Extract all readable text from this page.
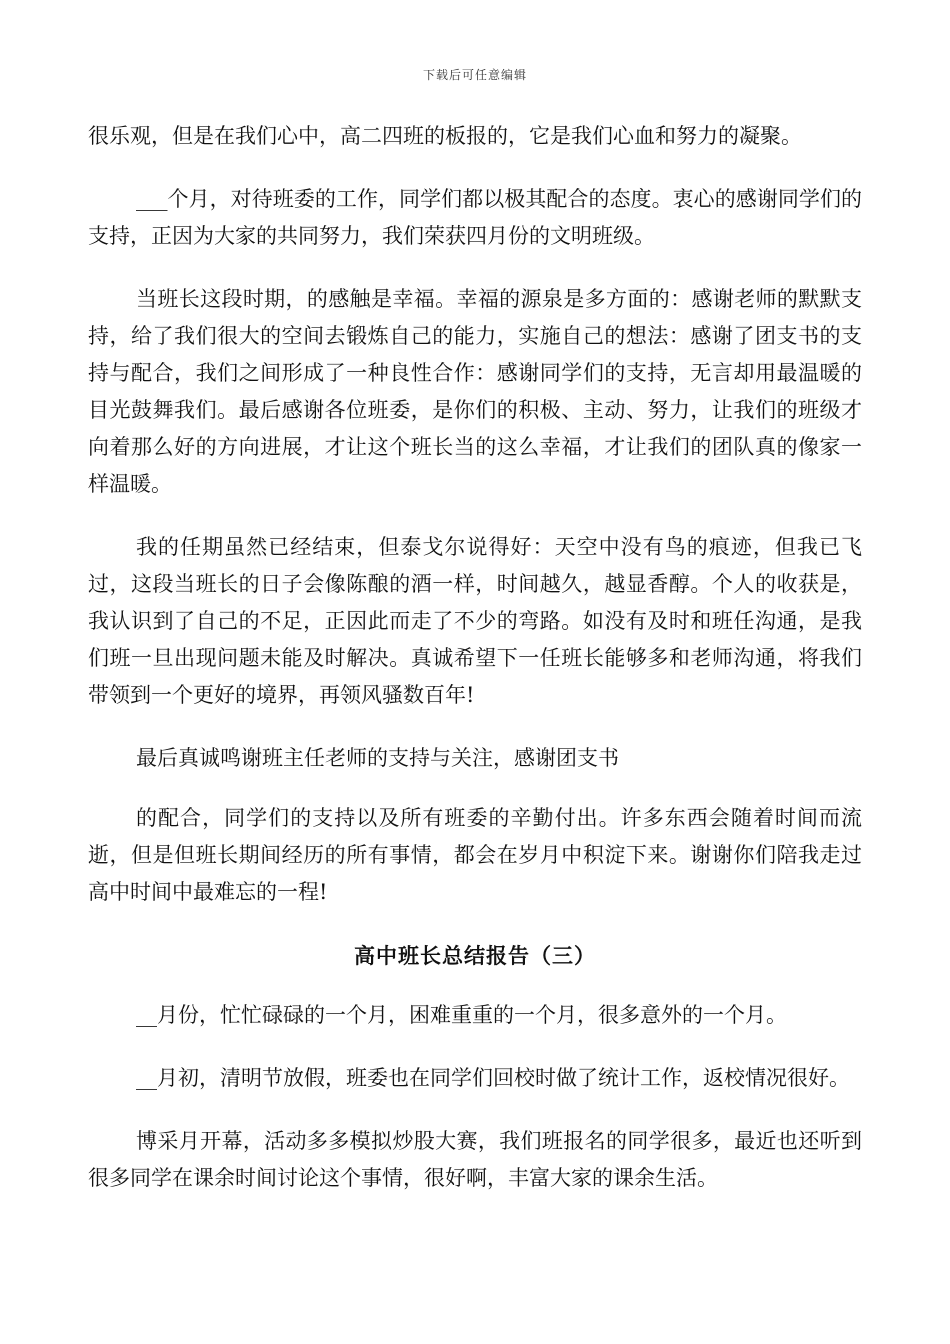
下载后可任意编辑

很乐观，但是在我们心中，高二四班的板报的，它是我们心血和努力的凝聚。

___个月，对待班委的工作，同学们都以极其配合的态度。衷心的感谢同学们的支持，正因为大家的共同努力，我们荣获四月份的文明班级。

当班长这段时期，的感触是幸福。幸福的源泉是多方面的：感谢老师的默默支持，给了我们很大的空间去锻炼自己的能力，实施自己的想法：感谢了团支书的支持与配合，我们之间形成了一种良性合作：感谢同学们的支持，无言却用最温暖的目光鼓舞我们。最后感谢各位班委，是你们的积极、主动、努力，让我们的班级才向着那么好的方向进展，才让这个班长当的这么幸福，才让我们的团队真的像家一样温暖。

我的任期虽然已经结束，但泰戈尔说得好：天空中没有鸟的痕迹，但我已飞过，这段当班长的日子会像陈酿的酒一样，时间越久，越显香醇。个人的收获是，我认识到了自己的不足，正因此而走了不少的弯路。如没有及时和班任沟通，是我们班一旦出现问题未能及时解决。真诚希望下一任班长能够多和老师沟通，将我们带领到一个更好的境界，再领风骚数百年!

最后真诚鸣谢班主任老师的支持与关注，感谢团支书

的配合，同学们的支持以及所有班委的辛勤付出。许多东西会随着时间而流逝，但是但班长期间经历的所有事情，都会在岁月中积淀下来。谢谢你们陪我走过高中时间中最难忘的一程!

高中班长总结报告（三）

__月份，忙忙碌碌的一个月，困难重重的一个月，很多意外的一个月。

__月初，清明节放假，班委也在同学们回校时做了统计工作，返校情况很好。

博采月开幕，活动多多模拟炒股大赛，我们班报名的同学很多，最近也还听到很多同学在课余时间讨论这个事情，很好啊，丰富大家的课余生活。
